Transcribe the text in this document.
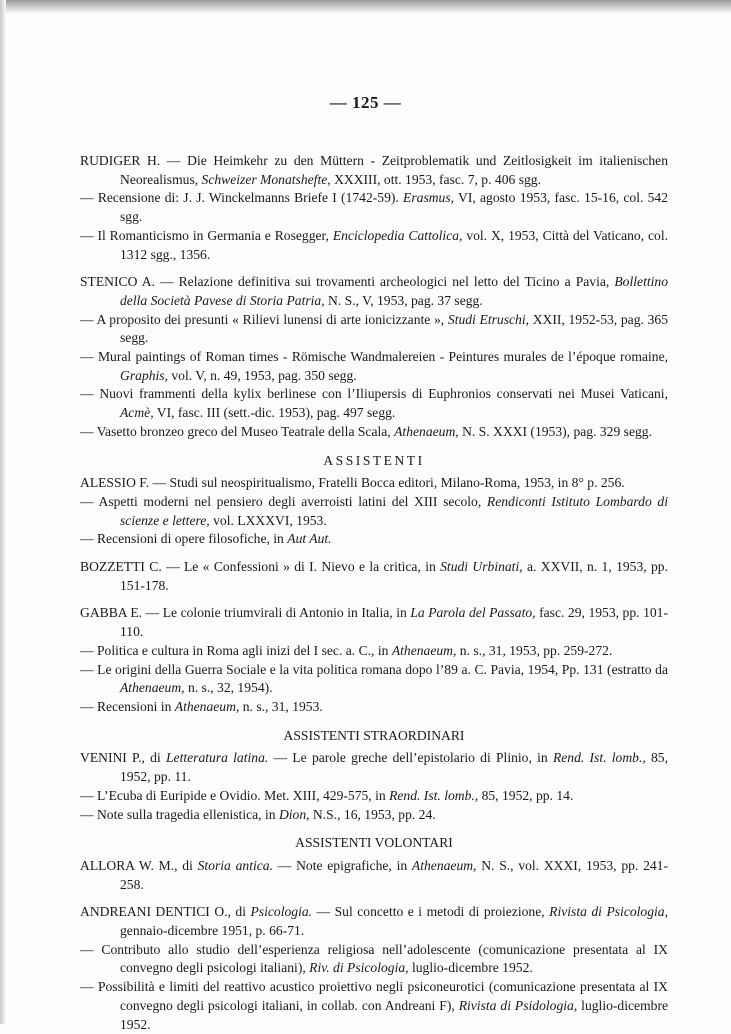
— 125 —

RUDIGER H. — Die Heimkehr zu den Müttern - Zeitproblematik und Zeitlosigkeit im italienischen Neorealismus, Schweizer Monatshefte, XXXIII, ott. 1953, fasc. 7, p. 406 sgg.

— Recensione di: J. J. Winckelmanns Briefe I (1742-59). Erasmus, VI, agosto 1953, fasc. 15-16, col. 542 sgg.

— Il Romanticismo in Germania e Rosegger, Enciclopedia Cattolica, vol. X, 1953, Città del Vaticano, col. 1312 sgg., 1356.

STENICO A. — Relazione definitiva sui trovamenti archeologici nel letto del Ticino a Pavia, Bollettino della Società Pavese di Storia Patria, N. S., V, 1953, pag. 37 segg.

— A proposito dei presunti « Rilievi lunensi di arte ionicizzante », Studi Etruschi, XXII, 1952-53, pag. 365 segg.

— Mural paintings of Roman times - Römische Wandmalereien - Peintures murales de l’époque romaine, Graphis, vol. V, n. 49, 1953, pag. 350 segg.

— Nuovi frammenti della kylix berlinese con l’Iliupersis di Euphronios conservati nei Musei Vaticani, Acmè, VI, fasc. III (sett.-dic. 1953), pag. 497 segg.

— Vasetto bronzeo greco del Museo Teatrale della Scala, Athenaeum, N. S. XXXI (1953), pag. 329 segg.

ASSISTENTI

ALESSIO F. — Studi sul neospiritualismo, Fratelli Bocca editori, Milano-Roma, 1953, in 8° p. 256.

— Aspetti moderni nel pensiero degli averroisti latini del XIII secolo, Rendiconti Istituto Lombardo di scienze e lettere, vol. LXXXVI, 1953.

— Recensioni di opere filosofiche, in Aut Aut.

BOZZETTI C. — Le « Confessioni » di I. Nievo e la critica, in Studi Urbinati, a. XXVII, n. 1, 1953, pp. 151-178.

GABBA E. — Le colonie triumvirali di Antonio in Italia, in La Parola del Passato, fasc. 29, 1953, pp. 101-110.

— Politica e cultura in Roma agli inizi del I sec. a. C., in Athenaeum, n. s., 31, 1953, pp. 259-272.

— Le origini della Guerra Sociale e la vita politica romana dopo l’89 a. C. Pavia, 1954, Pp. 131 (estratto da Athenaeum, n. s., 32, 1954).

— Recensioni in Athenaeum, n. s., 31, 1953.

ASSISTENTI STRAORDINARI

VENINI P., di Letteratura latina. — Le parole greche dell’epistolario di Plinio, in Rend. Ist. lomb., 85, 1952, pp. 11.

— L’Ecuba di Euripide e Ovidio. Met. XIII, 429-575, in Rend. Ist. lomb., 85, 1952, pp. 14.

— Note sulla tragedia ellenistica, in Dion, N.S., 16, 1953, pp. 24.

ASSISTENTI VOLONTARI

ALLORA W. M., di Storia antica. — Note epigrafiche, in Athenaeum, N. S., vol. XXXI, 1953, pp. 241-258.

ANDREANI DENTICI O., di Psicologia. — Sul concetto e i metodi di proiezione, Rivista di Psicologia, gennaio-dicembre 1951, p. 66-71.

— Contributo allo studio dell’esperienza religiosa nell’adolescente (comunicazione presentata al IX convegno degli psicologi italiani), Riv. di Psicologia, luglio-dicembre 1952.

— Possibilità e limiti del reattivo acustico proiettivo negli psiconeurotici (comunicazione presentata al IX convegno degli psicologi italiani, in collab. con Andreani F), Rivista di Psidologia, luglio-dicembre 1952.
